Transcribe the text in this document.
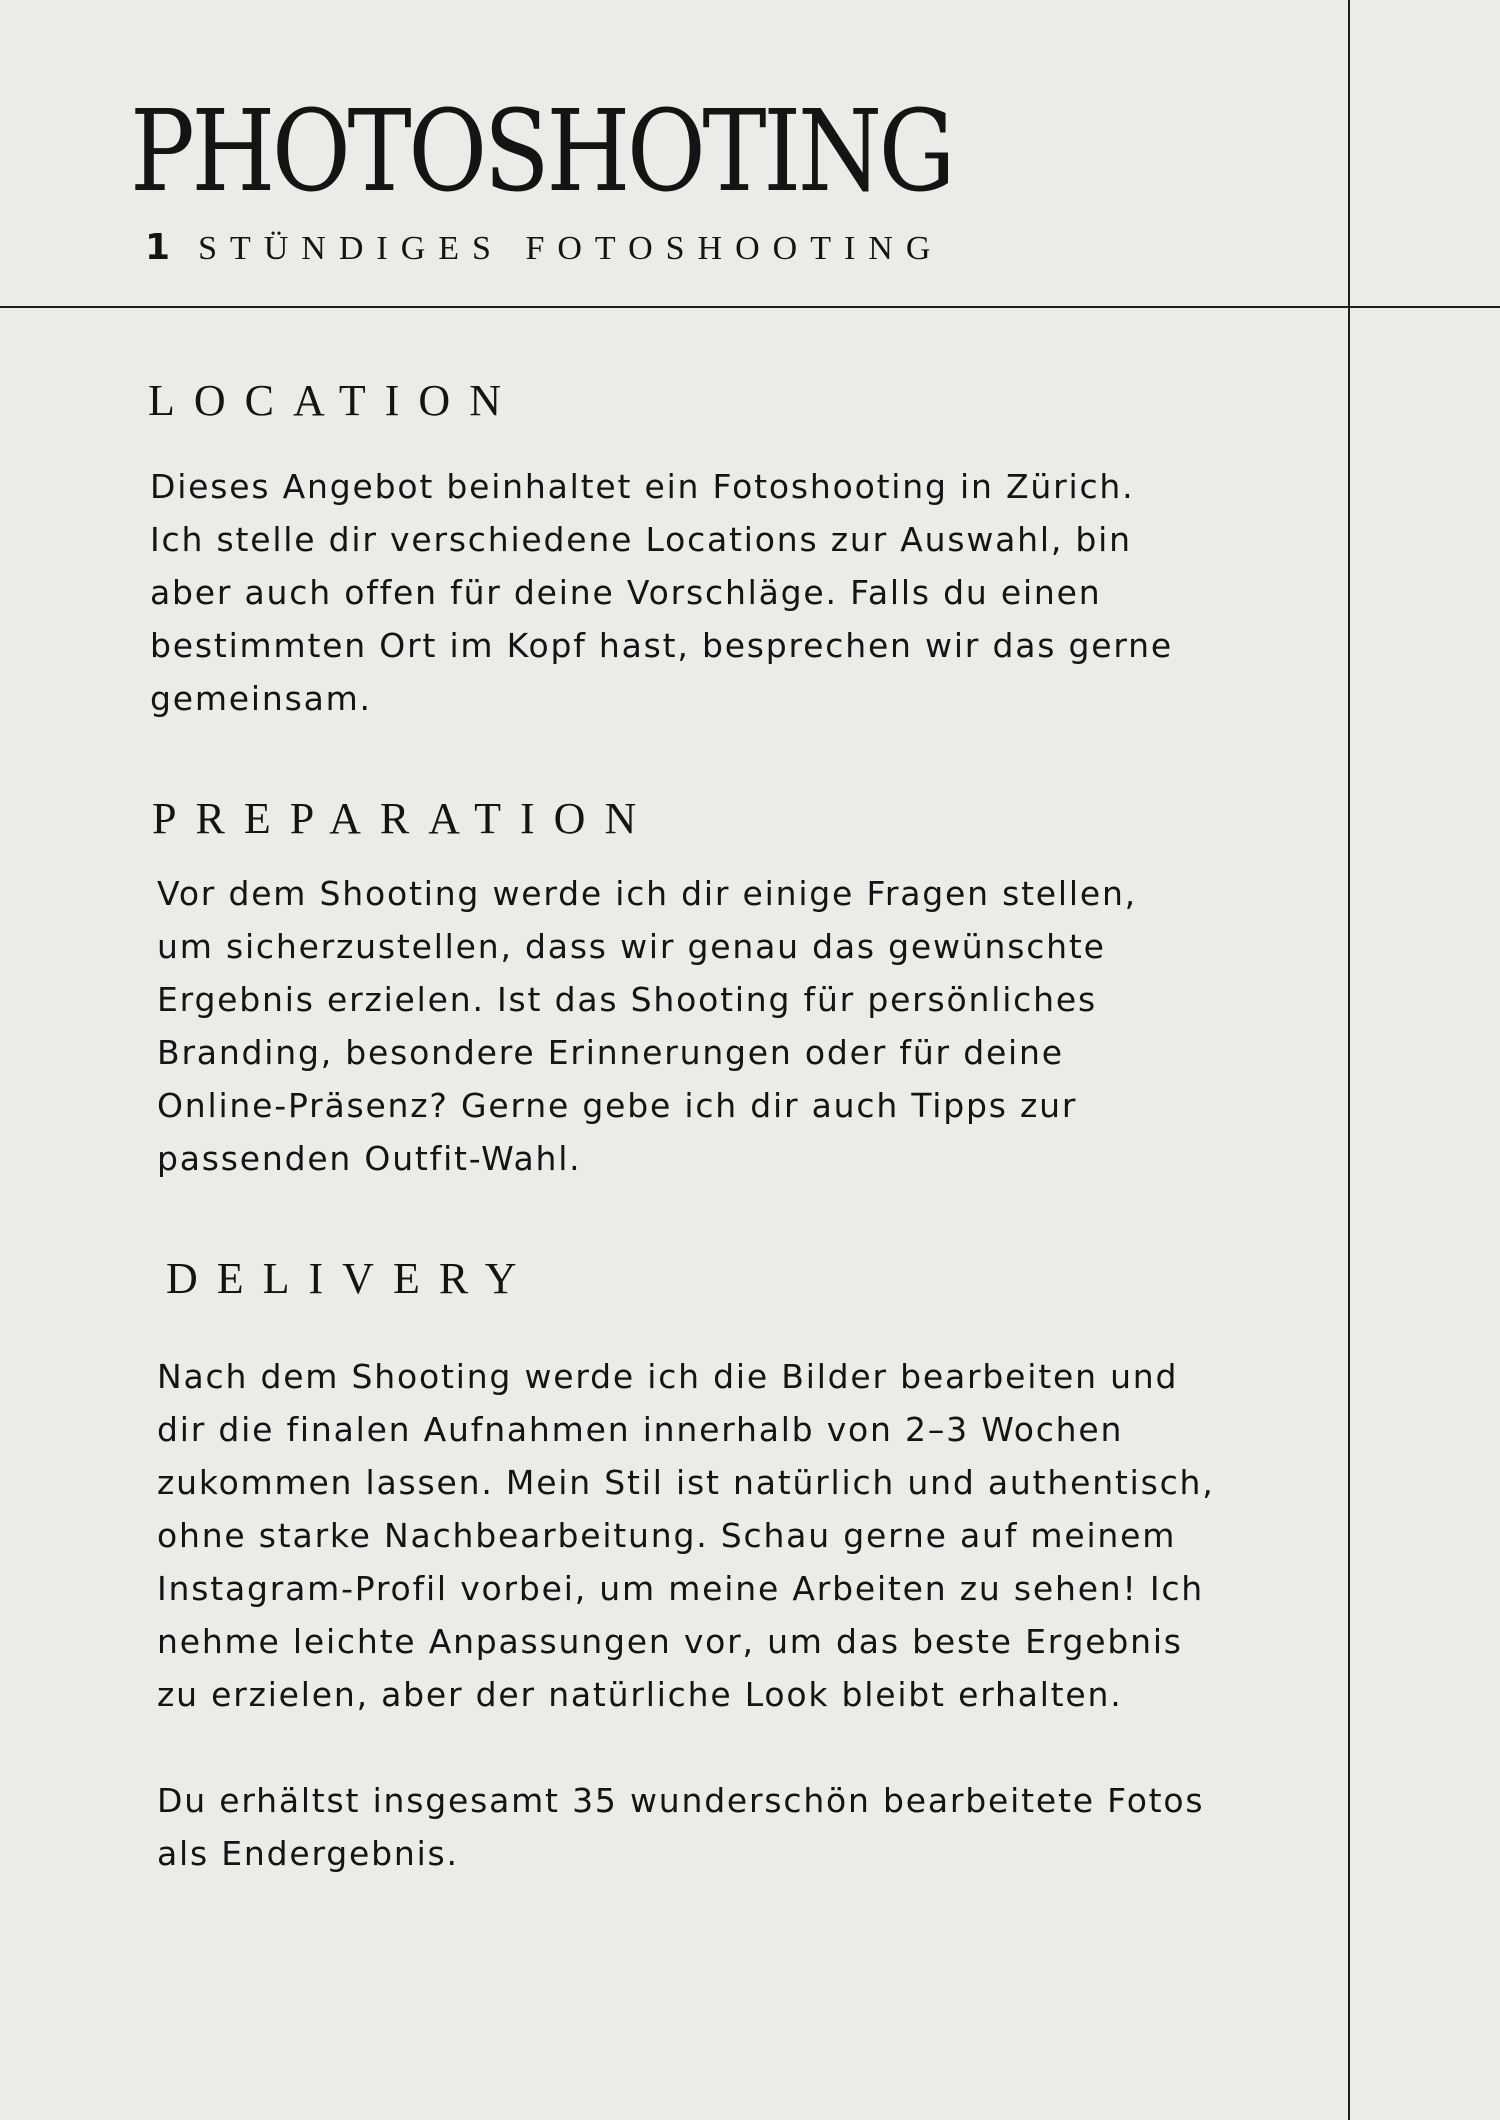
PHOTOSHOTING
1 STÜNDIGES FOTOSHOOTING
LOCATION

Dieses Angebot beinhaltet ein Fotoshooting in Zürich.
Ich stelle dir verschiedene Locations zur Auswahl, bin
aber auch offen für deine Vorschläge. Falls du einen
bestimmten Ort im Kopf hast, besprechen wir das gerne
gemeinsam.

PREPARATION

Vor dem Shooting werde ich dir einige Fragen stellen,
um sicherzustellen, dass wir genau das gewünschte
Ergebnis erzielen. Ist das Shooting für persönliches
Branding, besondere Erinnerungen oder für deine
Online-Präsenz? Gerne gebe ich dir auch Tipps zur
passenden Outfit-Wahl.

DELIVERY

Nach dem Shooting werde ich die Bilder bearbeiten und
dir die finalen Aufnahmen innerhalb von 2–3 Wochen
zukommen lassen. Mein Stil ist natürlich und authentisch,
ohne starke Nachbearbeitung. Schau gerne auf meinem
Instagram-Profil vorbei, um meine Arbeiten zu sehen! Ich
nehme leichte Anpassungen vor, um das beste Ergebnis
zu erzielen, aber der natürliche Look bleibt erhalten.

Du erhältst insgesamt 35 wunderschön bearbeitete Fotos
als Endergebnis.
